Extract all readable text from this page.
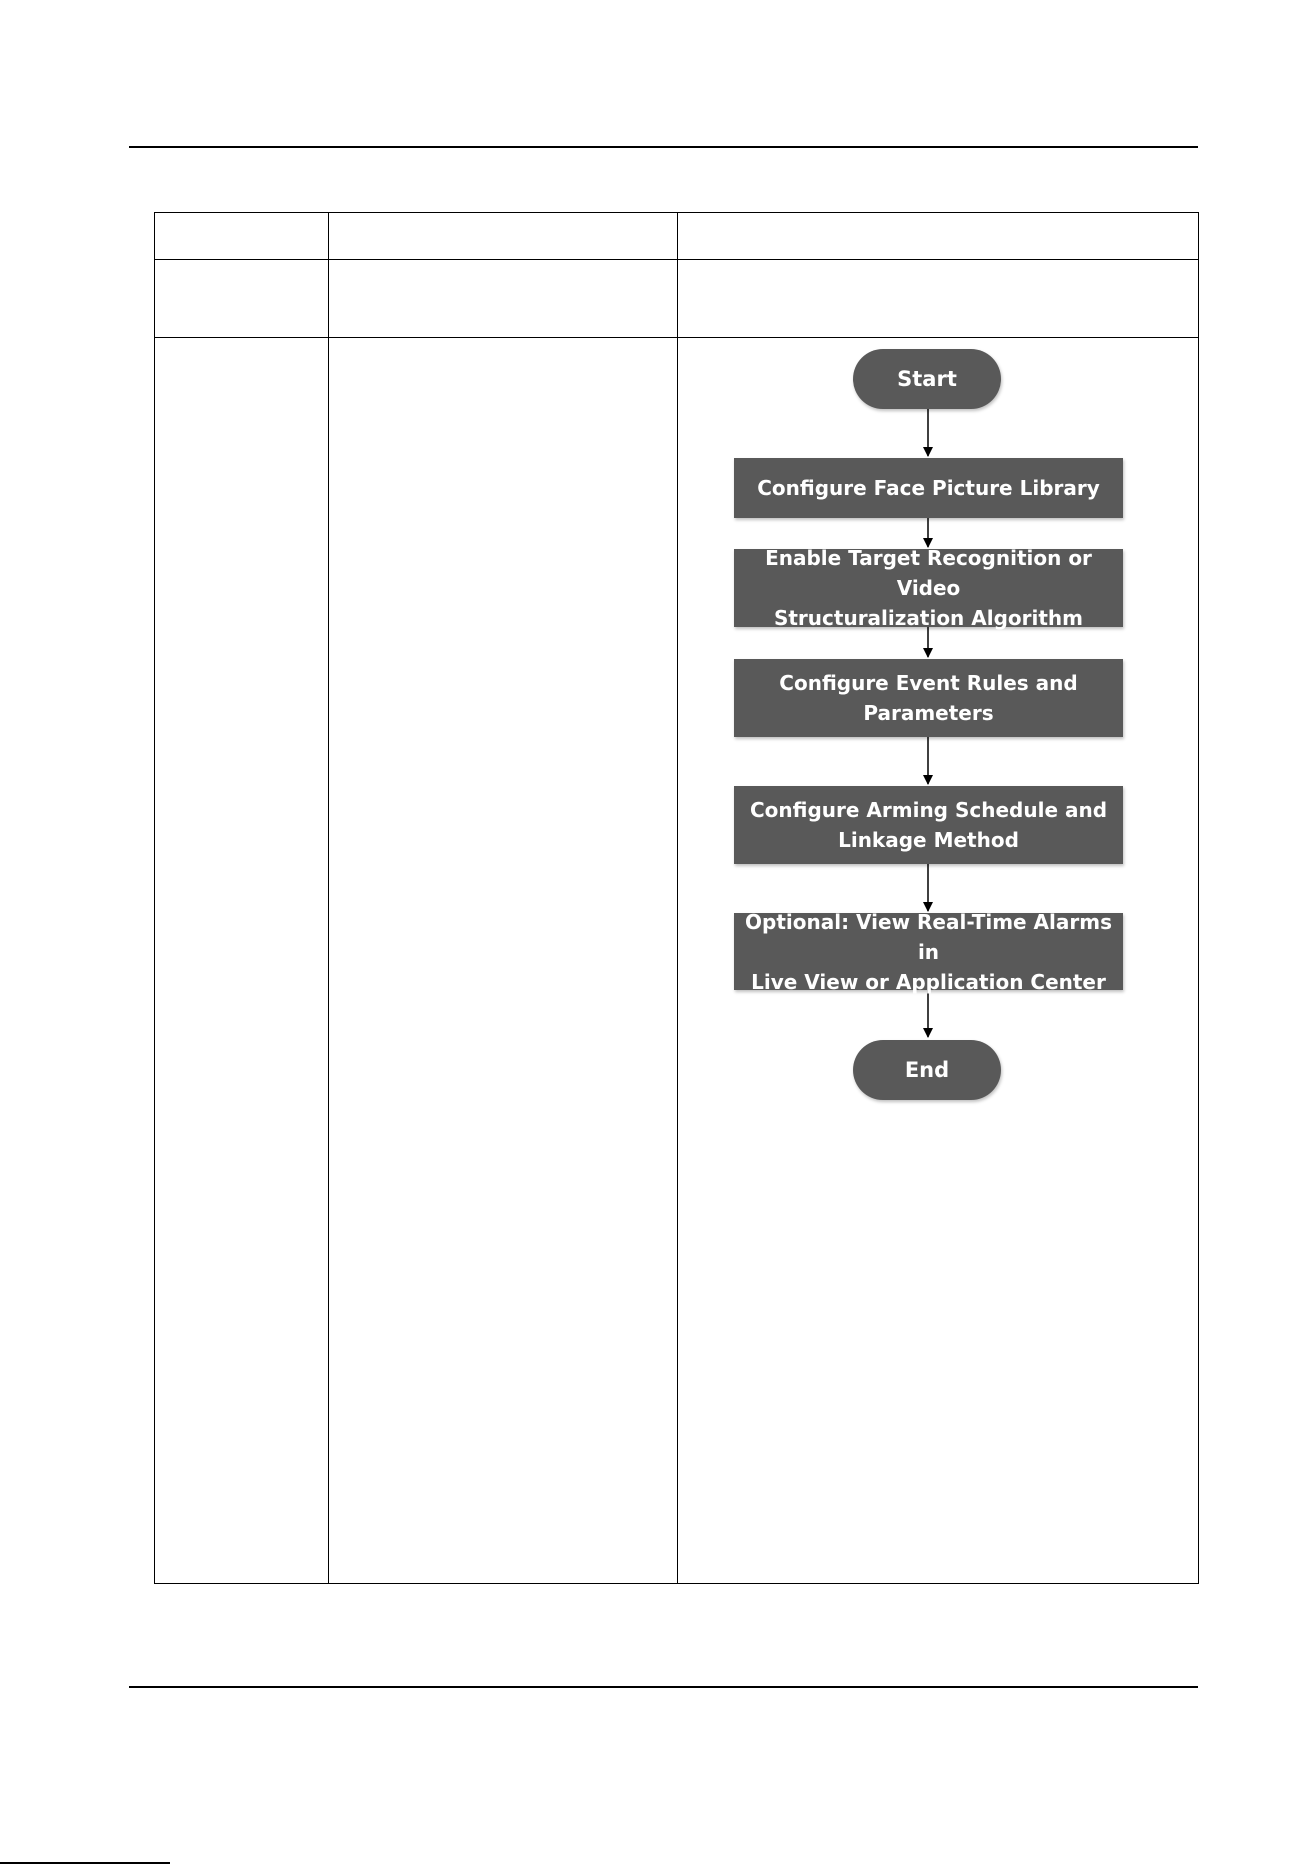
Start
Configure Face Picture Library
Enable Target Recognition or Video
Structuralization Algorithm
Configure Event Rules and
Parameters
Configure Arming Schedule and
Linkage Method
Optional: View Real-Time Alarms in
Live View or Application Center
End
